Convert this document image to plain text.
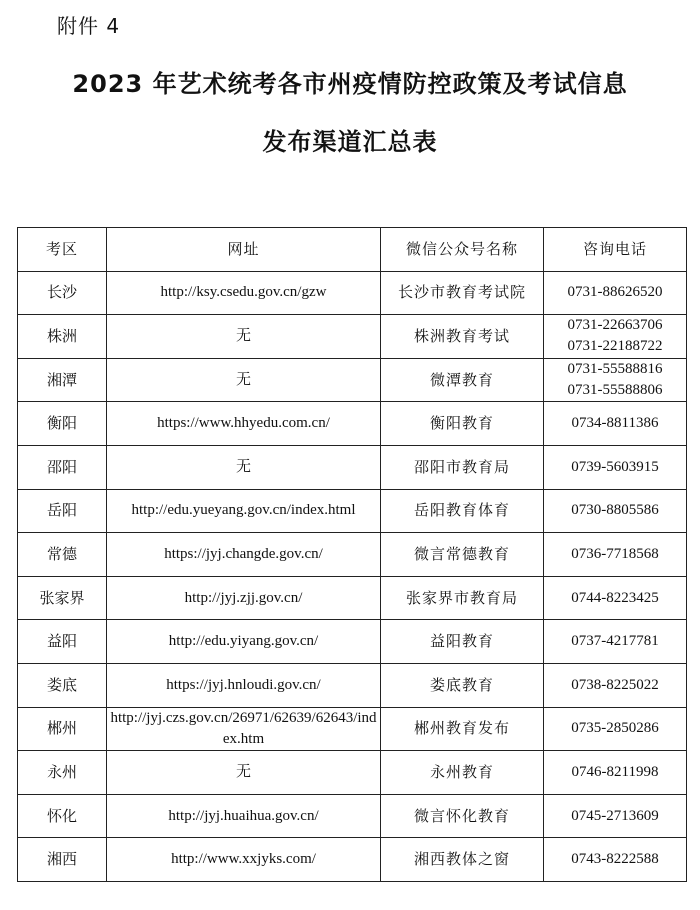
附件 4
2023 年艺术统考各市州疫情防控政策及考试信息
发布渠道汇总表
考区	网址	微信公众号名称	咨询电话
长沙	http://ksy.csedu.gov.cn/gzw	长沙市教育考试院	0731-88626520

株洲	无	株洲教育考试	0731-22663706
0731-22188722

湘潭	无	微潭教育	0731-55588816
0731-55588806

衡阳	https://www.hhyedu.com.cn/	衡阳教育	0734-8811386

邵阳	无	邵阳市教育局	0739-5603915

岳阳	http://edu.yueyang.gov.cn/index.html	岳阳教育体育	0730-8805586

常德	https://jyj.changde.gov.cn/	微言常德教育	0736-7718568

张家界	http://jyj.zjj.gov.cn/	张家界市教育局	0744-8223425

益阳	http://edu.yiyang.gov.cn/	益阳教育	0737-4217781

娄底	https://jyj.hnloudi.gov.cn/	娄底教育	0738-8225022

郴州	http://jyj.czs.gov.cn/26971/62639/62643/index.htm	郴州教育发布	0735-2850286

永州	无	永州教育	0746-8211998

怀化	http://jyj.huaihua.gov.cn/	微言怀化教育	0745-2713609

湘西	http://www.xxjyks.com/	湘西教体之窗	0743-8222588
